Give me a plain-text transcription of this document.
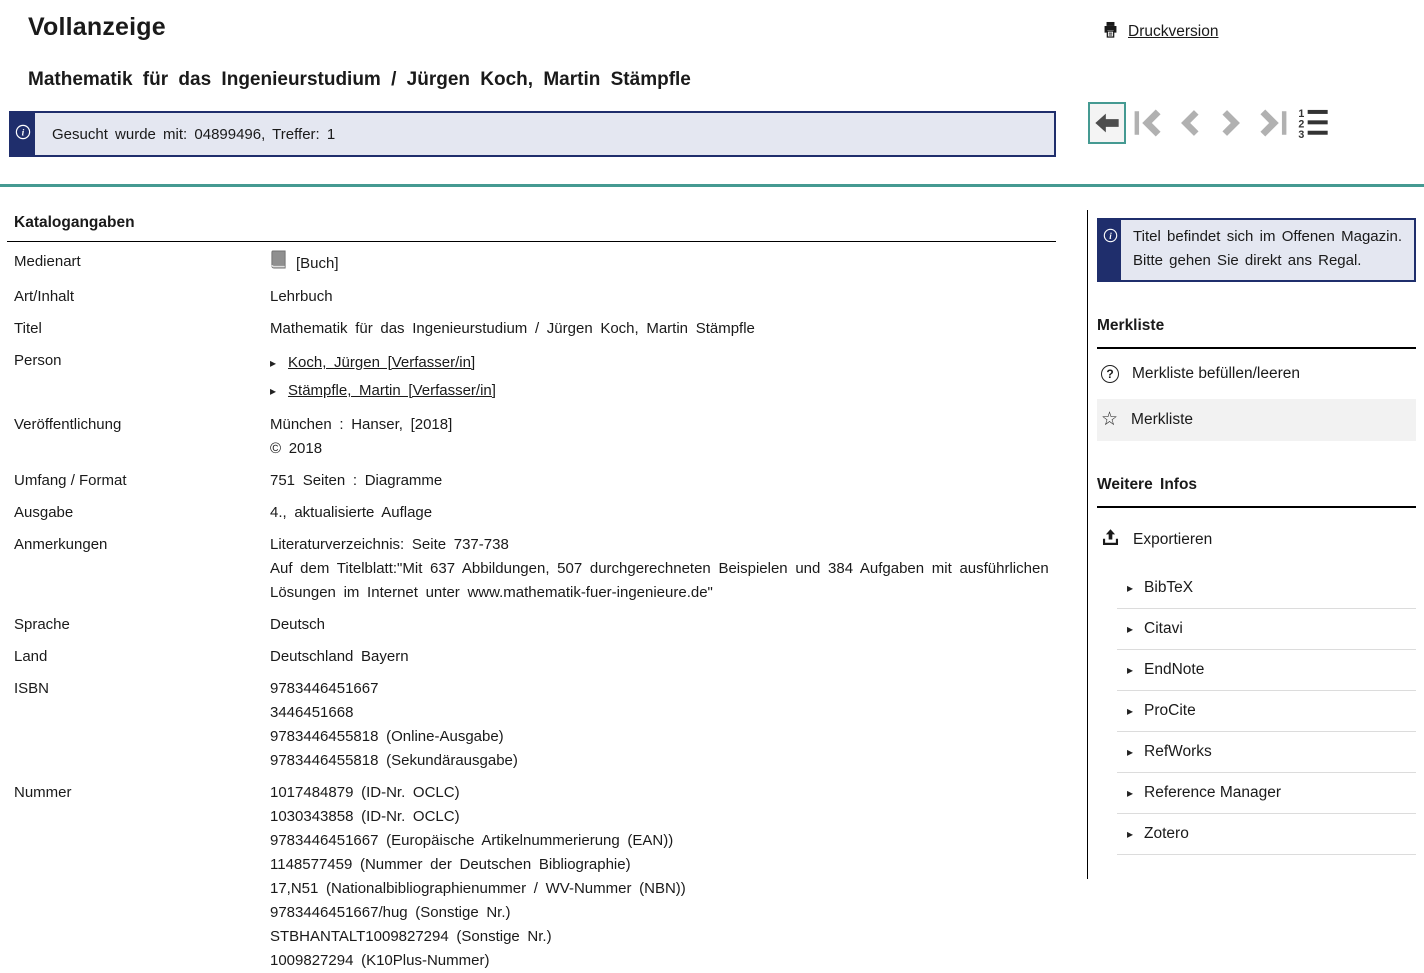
Vollanzeige	Druckversion
Mathematik für das Ingenieurstudium / Jürgen Koch, Martin Stämpfle
i	Gesucht wurde mit: 04899496, Treffer: 1
1
2
3
Katalogangaben
Medienart	[Buch]
Art/Inhalt	Lehrbuch
Titel	Mathematik für das Ingenieurstudium / Jürgen Koch, Martin Stämpfle
Person	▸ Koch, Jürgen [Verfasser/in]
▸ Stämpfle, Martin [Verfasser/in]
Veröffentlichung	München : Hanser, [2018]
© 2018
Umfang / Format	751 Seiten : Diagramme
Ausgabe	4., aktualisierte Auflage
Anmerkungen	Literaturverzeichnis: Seite 737-738
Auf dem Titelblatt:"Mit 637 Abbildungen, 507 durchgerechneten Beispielen und 384 Aufgaben mit ausführlichen Lösungen im Internet unter www.mathematik-fuer-ingenieure.de"
Sprache	Deutsch
Land	Deutschland Bayern
ISBN	9783446451667
3446451668
9783446455818 (Online-Ausgabe)
9783446455818 (Sekundärausgabe)
Nummer	1017484879 (ID-Nr. OCLC)
1030343858 (ID-Nr. OCLC)
9783446451667 (Europäische Artikelnummerierung (EAN))
1148577459 (Nummer der Deutschen Bibliographie)
17,N51 (Nationalbibliographienummer / WV-Nummer (NBN))
9783446451667/hug (Sonstige Nr.)
STBHANTALT1009827294 (Sonstige Nr.)
1009827294 (K10Plus-Nummer)
i	Titel befindet sich im Offenen Magazin. Bitte gehen Sie direkt ans Regal.
Merkliste
?	Merkliste befüllen/leeren
☆ Merkliste
Weitere Infos
Exportieren
▸ BibTeX
▸ Citavi
▸ EndNote
▸ ProCite
▸ RefWorks
▸ Reference Manager
▸ Zotero
